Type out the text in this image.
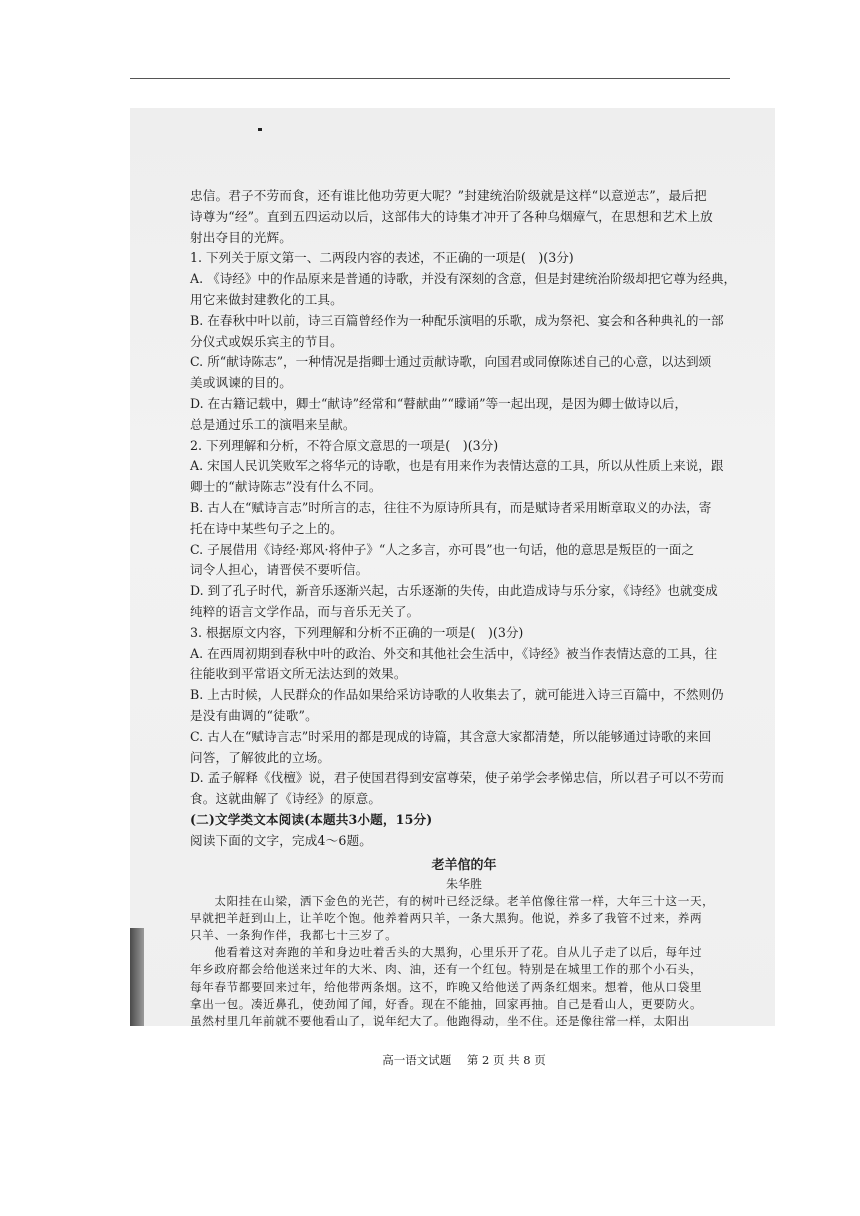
忠信。君子不劳而食，还有谁比他功劳更大呢？”封建统治阶级就是这样“以意逆志”，最后把
诗尊为“经”。直到五四运动以后，这部伟大的诗集才冲开了各种乌烟瘴气，在思想和艺术上放
射出夺目的光辉。
1. 下列关于原文第一、二两段内容的表述，不正确的一项是(　)(3分)
A. 《诗经》中的作品原来是普通的诗歌，并没有深刻的含意，但是封建统治阶级却把它尊为经典，
用它来做封建教化的工具。
B. 在春秋中叶以前，诗三百篇曾经作为一种配乐演唱的乐歌，成为祭祀、宴会和各种典礼的一部
分仪式或娱乐宾主的节目。
C. 所“献诗陈志”，一种情况是指卿士通过贡献诗歌，向国君或同僚陈述自己的心意，以达到颂
美或讽谏的目的。
D. 在古籍记载中，卿士“献诗”经常和“瞽献曲”“矇诵”等一起出现，是因为卿士做诗以后，
总是通过乐工的演唱来呈献。
2. 下列理解和分析，不符合原文意思的一项是(　)(3分)
A. 宋国人民讥笑败军之将华元的诗歌，也是有用来作为表情达意的工具，所以从性质上来说，跟
卿士的“献诗陈志”没有什么不同。
B. 古人在“赋诗言志”时所言的志，往往不为原诗所具有，而是赋诗者采用断章取义的办法，寄
托在诗中某些句子之上的。
C. 子展借用《诗经·郑风·将仲子》“人之多言，亦可畏”也一句话，他的意思是叛臣的一面之
词令人担心，请晋侯不要听信。
D. 到了孔子时代，新音乐逐渐兴起，古乐逐渐的失传，由此造成诗与乐分家，《诗经》也就变成
纯粹的语言文学作品，而与音乐无关了。
3. 根据原文内容，下列理解和分析不正确的一项是(　)(3分)
A. 在西周初期到春秋中叶的政治、外交和其他社会生活中，《诗经》被当作表情达意的工具，往
往能收到平常语文所无法达到的效果。
B. 上古时候，人民群众的作品如果给采访诗歌的人收集去了，就可能进入诗三百篇中，不然则仍
是没有曲调的“徒歌”。
C. 古人在“赋诗言志”时采用的都是现成的诗篇，其含意大家都清楚，所以能够通过诗歌的来回
问答，了解彼此的立场。
D. 孟子解释《伐檀》说，君子使国君得到安富尊荣，使子弟学会孝悌忠信，所以君子可以不劳而
食。这就曲解了《诗经》的原意。
(二)文学类文本阅读(本题共3小题，15分)
阅读下面的文字，完成4～6题。
老羊倌的年
朱华胜
　　太阳挂在山梁，洒下金色的光芒，有的树叶已经泛绿。老羊倌像往常一样，大年三十这一天，
早就把羊赶到山上，让羊吃个饱。他养着两只羊，一条大黑狗。他说，养多了我管不过来，养两
只羊、一条狗作伴，我都七十三岁了。
　　他看着这对奔跑的羊和身边吐着舌头的大黑狗，心里乐开了花。自从儿子走了以后，每年过
年乡政府都会给他送来过年的大米、肉、油，还有一个红包。特别是在城里工作的那个小石头，
每年春节都要回来过年，给他带两条烟。这不，昨晚又给他送了两条红烟来。想着，他从口袋里
拿出一包。凑近鼻孔，使劲闻了闻，好香。现在不能抽，回家再抽。自己是看山人，更要防火。
虽然村里几年前就不要他看山了，说年纪大了。他跑得动，坐不住。还是像往常一样，太阳出
高一语文试题 第 2 页 共 8 页
